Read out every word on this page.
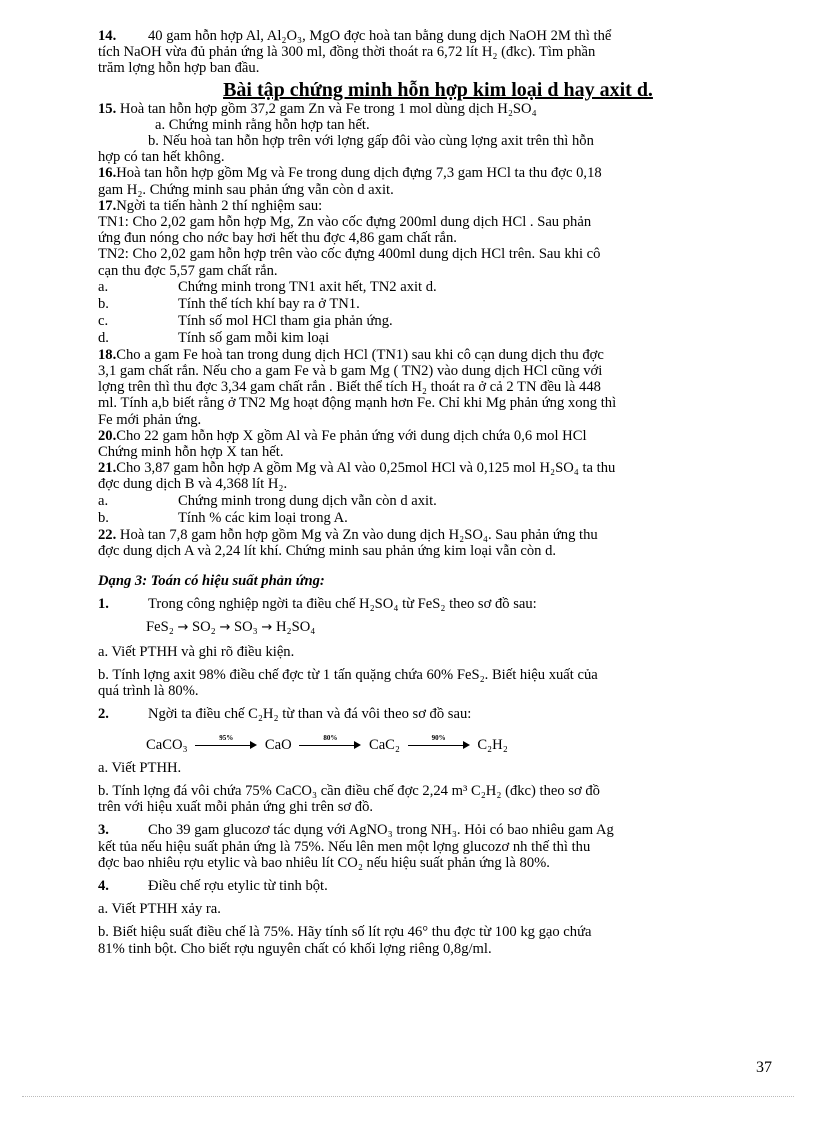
14. 40 gam hỗn hợp Al, Al₂O₃, MgO đợc hoà tan bằng dung dịch NaOH 2M thì thể

tích NaOH vừa đủ phản ứng là 300 ml, đồng thời thoát ra 6,72 lít H₂ (đkc). Tìm phần

trăm lợng hỗn hợp ban đầu.

Bài tập chứng minh hỗn hợp kim loại d hay axit d.

15. Hoà tan hỗn hợp gồm 37,2 gam Zn và Fe trong 1 mol dùng dịch H₂SO₄

a. Chứng minh rằng hỗn hợp tan hết.

b. Nếu hoà tan hỗn hợp trên với lợng gấp đôi vào cùng lợng axit trên thì hỗn

hợp có tan hết không.

16.Hoà tan hỗn hợp gồm Mg và Fe trong dung dịch đựng 7,3 gam HCl ta thu đợc 0,18

gam H₂. Chứng minh sau phản ứng vẫn còn d axit.

17.Ngời ta tiến hành 2 thí nghiệm sau:

TN1: Cho 2,02 gam hỗn hợp Mg, Zn vào cốc đựng 200ml dung dịch HCl . Sau phản

ứng đun nóng cho nớc bay hơi hết thu đợc 4,86 gam chất rắn.

TN2: Cho 2,02 gam hỗn hợp trên vào cốc đựng 400ml dung dịch HCl trên. Sau khi cô

cạn thu đợc 5,57 gam chất rắn.

a.	Chứng minh trong TN1 axit hết, TN2 axit d.
b.	Tính thể tích khí bay ra ở TN1.
c.	Tính số mol HCl tham gia phản ứng.
d.	Tính số gam mỗi kim loại

18.Cho a gam Fe hoà tan trong dung dịch HCl (TN1) sau khi cô cạn dung dịch thu đợc

3,1 gam chất rắn. Nếu cho a gam Fe và b gam Mg ( TN2) vào dung dịch HCl cũng với

lợng trên thì thu đợc 3,34 gam chất rắn . Biết thể tích H₂ thoát ra ở cả 2 TN đều là 448

ml. Tính a,b biết rằng ở TN2 Mg hoạt động mạnh hơn Fe. Chỉ khi Mg phản ứng xong thì

Fe mới phản ứng.

20.Cho 22 gam hỗn hợp X gồm Al và Fe phản ứng với dung dịch chứa 0,6 mol HCl

Chứng minh hỗn hợp X tan hết.

21.Cho 3,87 gam hỗn hợp A gồm Mg và Al vào 0,25mol HCl và 0,125 mol H₂SO₄ ta thu

đợc dung dịch B và 4,368 lít H₂.

a.	Chứng minh trong dung dịch vẫn còn d axit.
b.	Tính % các kim loại trong A.

22. Hoà tan 7,8 gam hỗn hợp gồm Mg và Zn vào dung dịch H₂SO₄. Sau phản ứng thu

đợc dung dịch A và 2,24 lít khí. Chứng minh sau phản ứng kim loại vẫn còn d.

Dạng 3: Toán có hiệu suất phản ứng:

1.	Trong công nghiệp ngời ta điều chế H₂SO₄ từ FeS₂ theo sơ đồ sau:

FeS₂ → SO₂ → SO₃ → H₂SO₄

a. Viết PTHH và ghi rõ điều kiện.

b. Tính lợng axit 98% điều chế đợc từ 1 tấn quặng chứa 60% FeS₂. Biết hiệu xuất của

quá trình là 80%.

2.	Ngời ta điều chế C₂H₂ từ than và đá vôi theo sơ đồ sau:

CaCO₃	95%	CaO	80%	CaC₂	90%	C₂H₂

a. Viết PTHH.

b. Tính lợng đá vôi chứa 75% CaCO₃ cần điều chế đợc 2,24 m³ C₂H₂ (đkc) theo sơ đồ

trên với hiệu xuất mỗi phản ứng ghi trên sơ đồ.

3.	Cho 39 gam glucozơ tác dụng với AgNO₃ trong NH₃. Hỏi có bao nhiêu gam Ag

kết tủa nếu hiệu suất phản ứng là 75%. Nếu lên men một lợng glucozơ nh thế thì thu

đợc bao nhiêu rợu etylic và bao nhiêu lít CO₂ nếu hiệu suất phản ứng là 80%.

4.	Điều chế rợu etylic từ tinh bột.

a. Viết PTHH xảy ra.

b. Biết hiệu suất điều chế là 75%. Hãy tính số lít rợu 46° thu đợc từ 100 kg gạo chứa

81% tinh bột. Cho biết rợu nguyên chất có khối lợng riêng 0,8g/ml.

37
